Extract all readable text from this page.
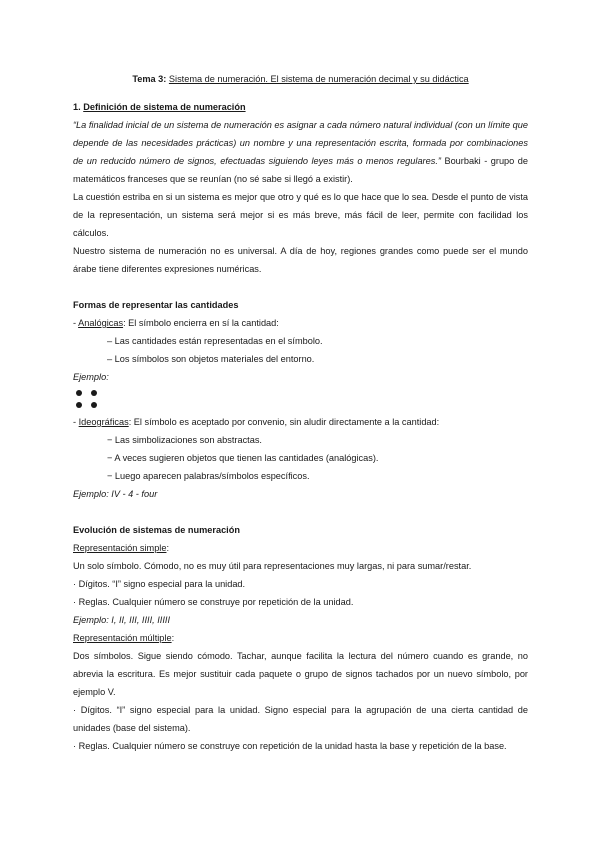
Tema 3: Sistema de numeración. El sistema de numeración decimal y su didáctica
1. Definición de sistema de numeración

“La finalidad inicial de un sistema de numeración es asignar a cada número natural individual (con un límite que depende de las necesidades prácticas) un nombre y una representación escrita, formada por combinaciones de un reducido número de signos, efectuadas siguiendo leyes más o menos regulares.” Bourbaki - grupo de matemáticos franceses que se reunían (no sé sabe si llegó a existir).

La cuestión estriba en si un sistema es mejor que otro y qué es lo que hace que lo sea. Desde el punto de vista de la representación, un sistema será mejor si es más breve, más fácil de leer, permite con facilidad los cálculos.

Nuestro sistema de numeración no es universal. A día de hoy, regiones grandes como puede ser el mundo árabe tiene diferentes expresiones numéricas.

Formas de representar las cantidades
- Analógicas: El símbolo encierra en sí la cantidad:
– Las cantidades están representadas en el símbolo.
– Los símbolos son objetos materiales del entorno.
Ejemplo:
- Ideográficas: El símbolo es aceptado por convenio, sin aludir directamente a la cantidad:
− Las simbolizaciones son abstractas.
− A veces sugieren objetos que tienen las cantidades (analógicas).
− Luego aparecen palabras/símbolos específicos.
Ejemplo: IV - 4 - four
Evolución de sistemas de numeración
Representación simple:

Un solo símbolo. Cómodo, no es muy útil para representaciones muy largas, ni para sumar/restar.

· Dígitos. “I” signo especial para la unidad.

· Reglas. Cualquier número se construye por repetición de la unidad.

Ejemplo: I, II, III, IIII, IIIII
Representación múltiple:

Dos símbolos. Sigue siendo cómodo. Tachar, aunque facilita la lectura del número cuando es grande, no abrevia la escritura. Es mejor sustituir cada paquete o grupo de signos tachados por un nuevo símbolo, por ejemplo V.

· Dígitos. “I” signo especial para la unidad. Signo especial para la agrupación de una cierta cantidad de unidades (base del sistema).

· Reglas. Cualquier número se construye con repetición de la unidad hasta la base y repetición de la base.
